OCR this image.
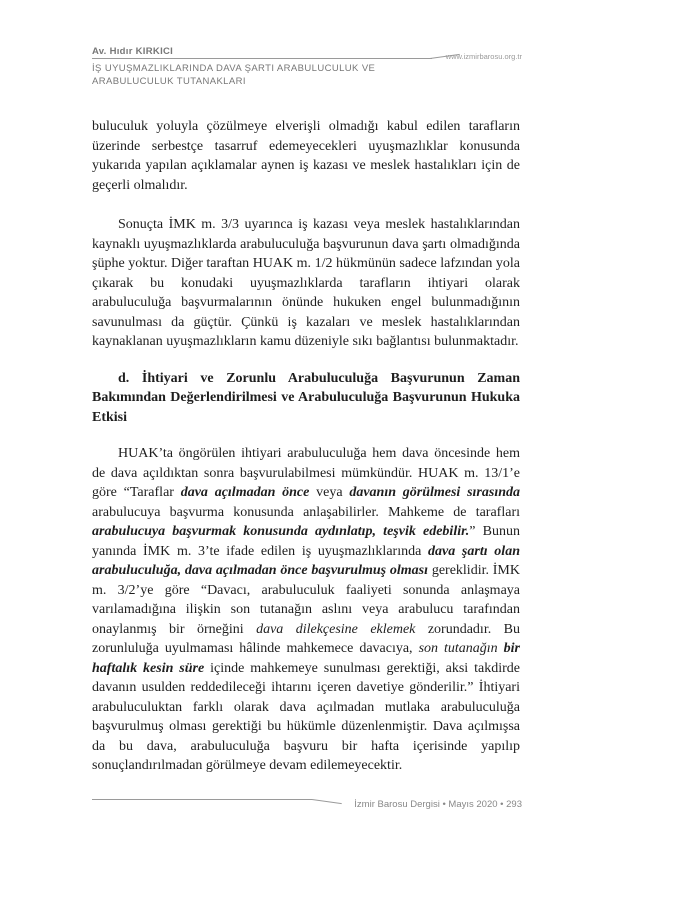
Av. Hıdır KIRKICI	www.izmirbarosu.org.tr
İŞ UYUŞMAZLIKLARINDA DAVA ŞARTI ARABULUCULUK VE
ARABULUCULUK TUTANAKLARI

buluculuk yoluyla çözülmeye elverişli olmadığı kabul edilen tarafların üzerinde serbestçe tasarruf edemeyecekleri uyuşmazlıklar konusunda yukarıda yapılan açıklamalar aynen iş kazası ve meslek hastalıkları için de geçerli olmalıdır.

Sonuçta İMK m. 3/3 uyarınca iş kazası veya meslek hastalıklarından kaynaklı uyuşmazlıklarda arabuluculuğa başvurunun dava şartı olmadığında şüphe yoktur. Diğer taraftan HUAK m. 1/2 hükmünün sadece lafzından yola çıkarak bu konudaki uyuşmazlıklarda tarafların ihtiyari olarak arabuluculuğa başvurmalarının önünde hukuken engel bulunmadığının savunulması da güçtür. Çünkü iş kazaları ve meslek hastalıklarından kaynaklanan uyuşmazlıkların kamu düzeniyle sıkı bağlantısı bulunmaktadır.

d. İhtiyari ve Zorunlu Arabuluculuğa Başvurunun Zaman Bakımından Değerlendirilmesi ve Arabuluculuğa Başvurunun Hukuka Etkisi

HUAK’ta öngörülen ihtiyari arabuluculuğa hem dava öncesinde hem de dava açıldıktan sonra başvurulabilmesi mümkündür. HUAK m. 13/1’e göre “Taraflar dava açılmadan önce veya davanın görülmesi sırasında arabulucuya başvurma konusunda anlaşabilirler. Mahkeme de tarafları arabulucuya başvurmak konusunda aydınlatıp, teşvik edebilir.” Bunun yanında İMK m. 3’te ifade edilen iş uyuşmazlıklarında dava şartı olan arabuluculuğa, dava açılmadan önce başvurulmuş olması gereklidir. İMK m. 3/2’ye göre “Davacı, arabuluculuk faaliyeti sonunda anlaşmaya varılamadığına ilişkin son tutanağın aslını veya arabulucu tarafından onaylanmış bir örneğini dava dilekçesine eklemek zorundadır. Bu zorunluluğa uyulmaması hâlinde mahkemece davacıya, son tutanağın bir haftalık kesin süre içinde mahkemeye sunulması gerektiği, aksi takdirde davanın usulden reddedileceği ihtarını içeren davetiye gönderilir.” İhtiyari arabuluculuktan farklı olarak dava açılmadan mutlaka arabuluculuğa başvurulmuş olması gerektiği bu hükümle düzenlenmiştir. Dava açılmışsa da bu dava, arabuluculuğa başvuru bir hafta içerisinde yapılıp sonuçlandırılmadan görülmeye devam edilemeyecektir.

İzmir Barosu Dergisi • Mayıs 2020 • 293
